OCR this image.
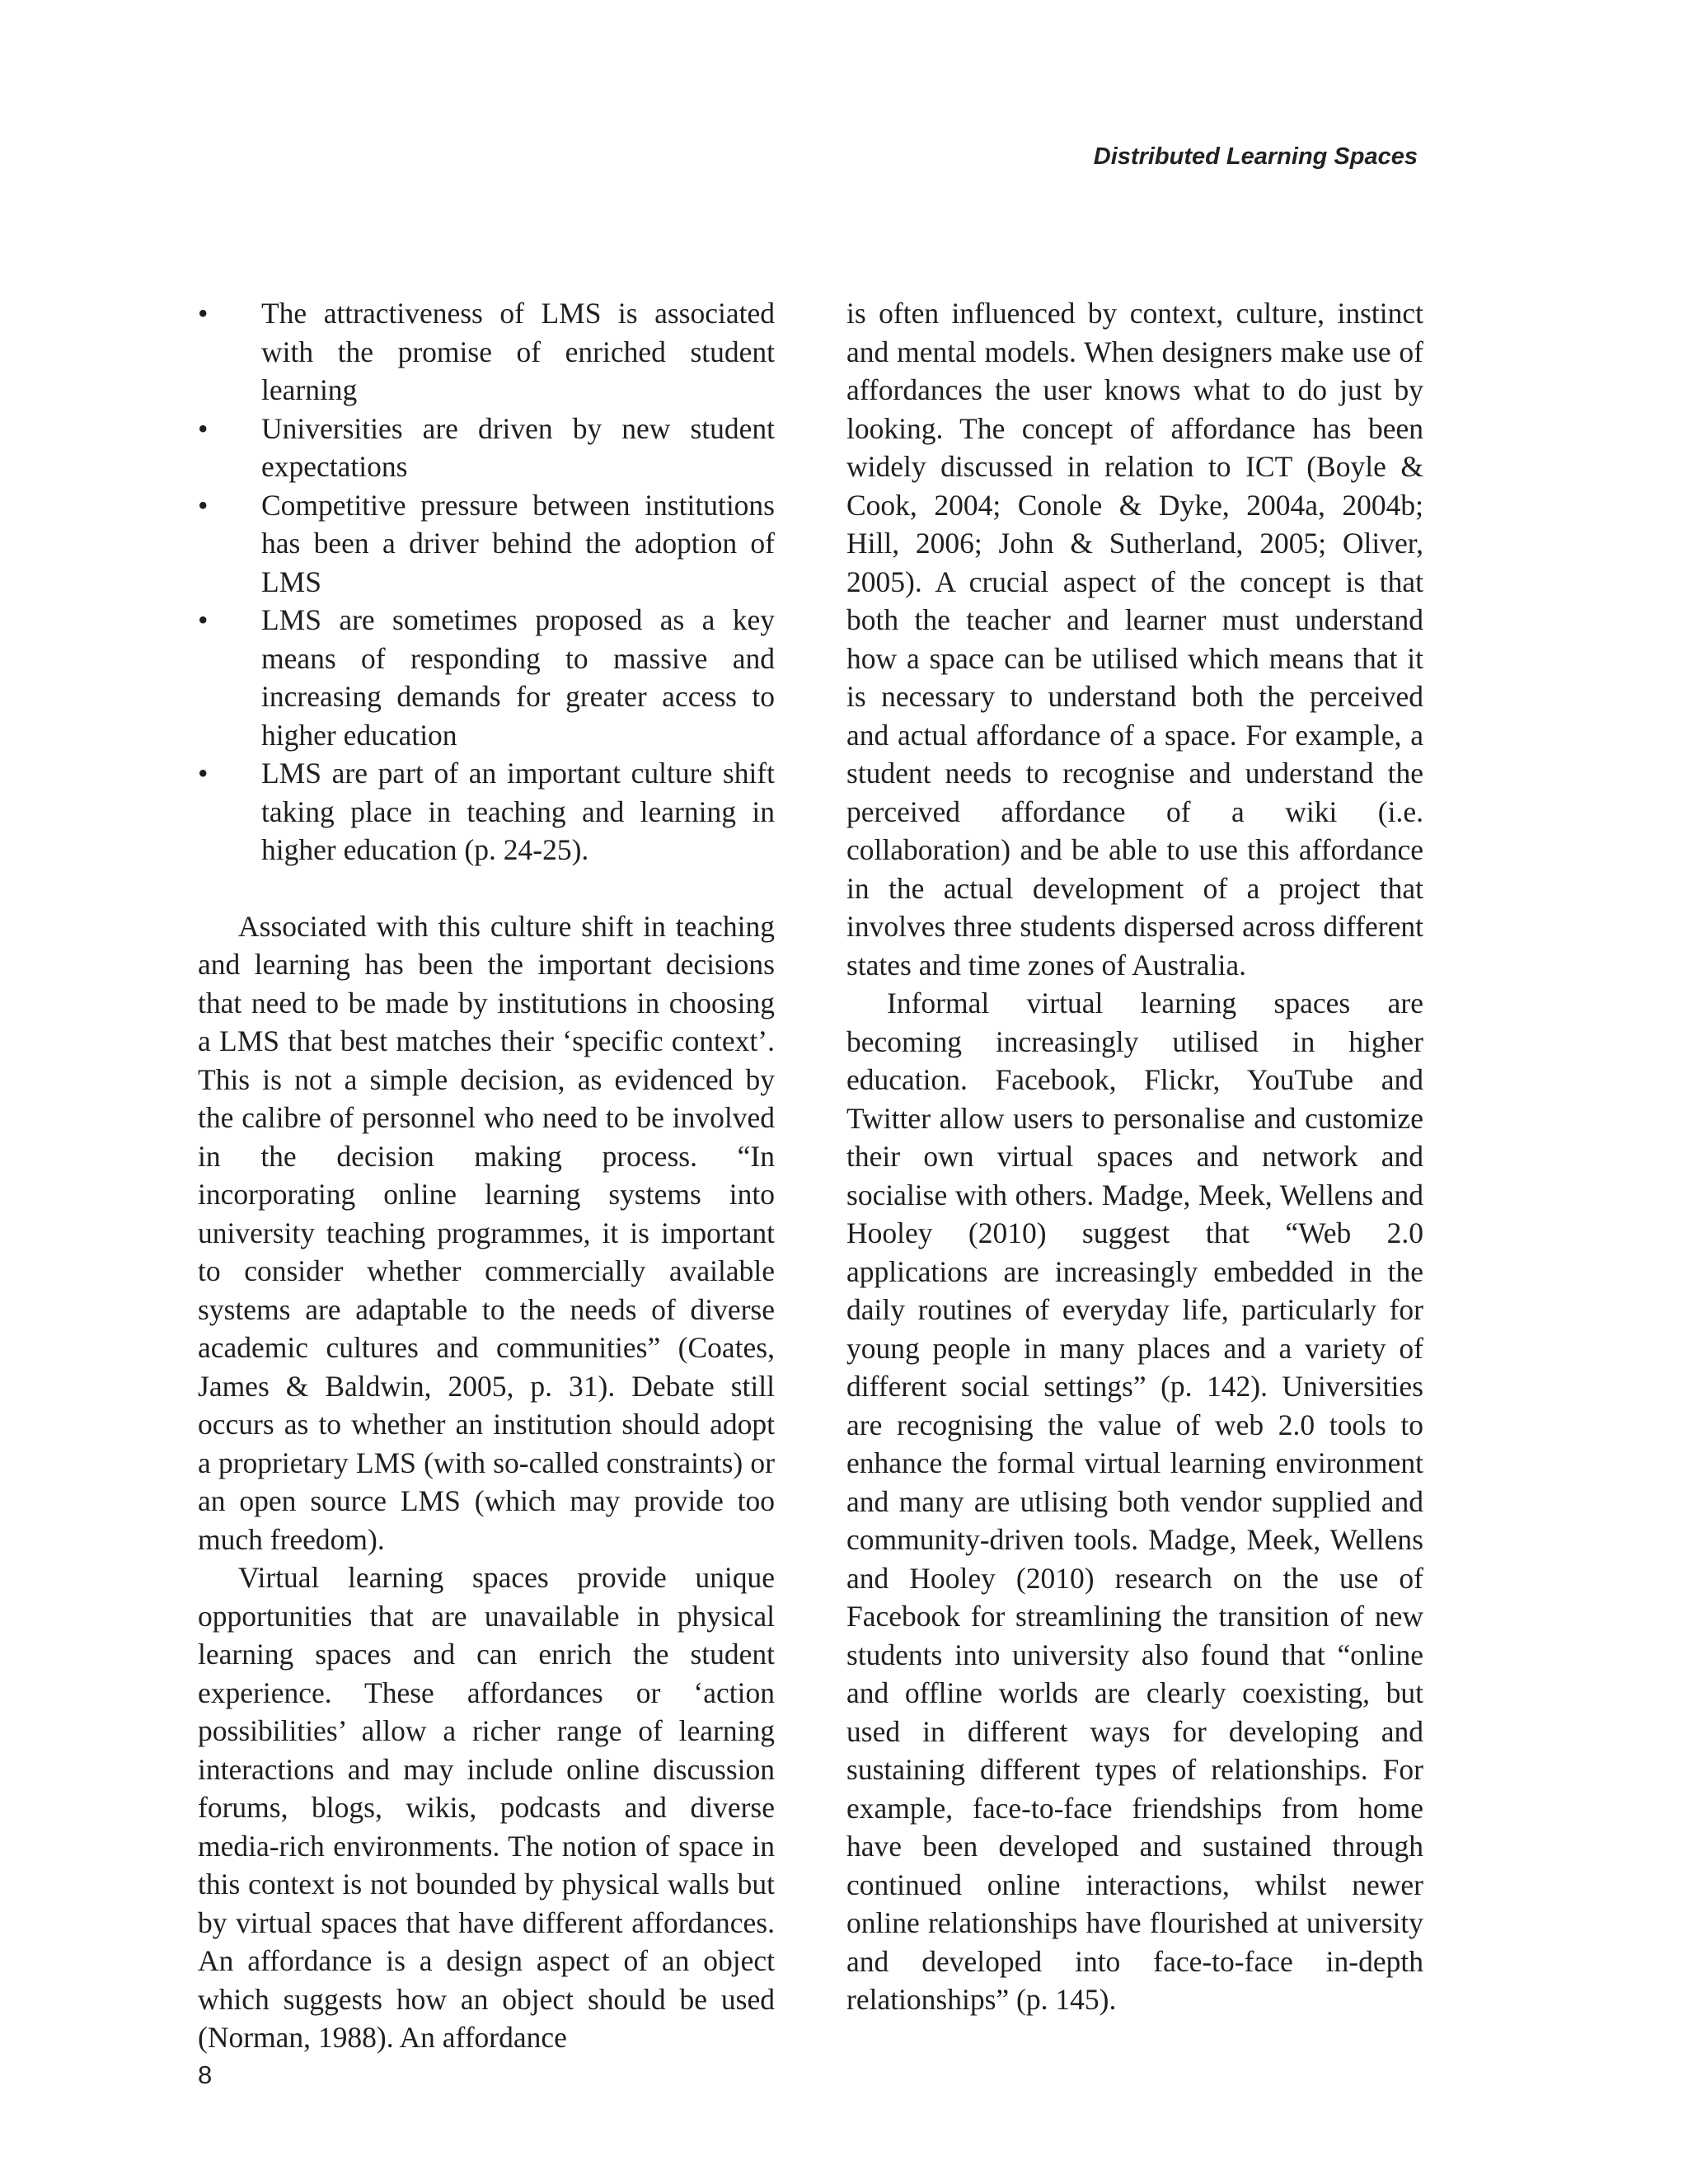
Distributed Learning Spaces
• The attractiveness of LMS is associated with the promise of enriched student learning
• Universities are driven by new student expectations
• Competitive pressure between institutions has been a driver behind the adoption of LMS
• LMS are sometimes proposed as a key means of responding to massive and increasing demands for greater access to higher education
• LMS are part of an important culture shift taking place in teaching and learning in higher education (p. 24-25).

Associated with this culture shift in teaching and learning has been the important decisions that need to be made by institutions in choosing a LMS that best matches their ‘specific context’. This is not a simple decision, as evidenced by the calibre of personnel who need to be involved in the decision making process. “In incorporating online learning systems into university teaching programmes, it is important to consider whether commercially available systems are adaptable to the needs of diverse academic cultures and communities” (Coates, James & Baldwin, 2005, p. 31). Debate still occurs as to whether an institution should adopt a proprietary LMS (with so-called constraints) or an open source LMS (which may provide too much freedom).

Virtual learning spaces provide unique opportunities that are unavailable in physical learning spaces and can enrich the student experience. These affordances or ‘action possibilities’ allow a richer range of learning interactions and may include online discussion forums, blogs, wikis, podcasts and diverse media-rich environments. The notion of space in this context is not bounded by physical walls but by virtual spaces that have different affordances. An affordance is a design aspect of an object which suggests how an object should be used (Norman, 1988). An affordance

is often influenced by context, culture, instinct and mental models. When designers make use of affordances the user knows what to do just by looking. The concept of affordance has been widely discussed in relation to ICT (Boyle & Cook, 2004; Conole & Dyke, 2004a, 2004b; Hill, 2006; John & Sutherland, 2005; Oliver, 2005). A crucial aspect of the concept is that both the teacher and learner must understand how a space can be utilised which means that it is necessary to understand both the perceived and actual affordance of a space. For example, a student needs to recognise and understand the perceived affordance of a wiki (i.e. collaboration) and be able to use this affordance in the actual development of a project that involves three students dispersed across different states and time zones of Australia.

Informal virtual learning spaces are becoming increasingly utilised in higher education. Facebook, Flickr, YouTube and Twitter allow users to personalise and customize their own virtual spaces and network and socialise with others. Madge, Meek, Wellens and Hooley (2010) suggest that “Web 2.0 applications are increasingly embedded in the daily routines of everyday life, particularly for young people in many places and a variety of different social settings” (p. 142). Universities are recognising the value of web 2.0 tools to enhance the formal virtual learning environment and many are utlising both vendor supplied and community-driven tools. Madge, Meek, Wellens and Hooley (2010) research on the use of Facebook for streamlining the transition of new students into university also found that “online and offline worlds are clearly coexisting, but used in different ways for developing and sustaining different types of relationships. For example, face-to-face friendships from home have been developed and sustained through continued online interactions, whilst newer online relationships have flourished at university and developed into face-to-face in-depth relationships” (p. 145).

8
